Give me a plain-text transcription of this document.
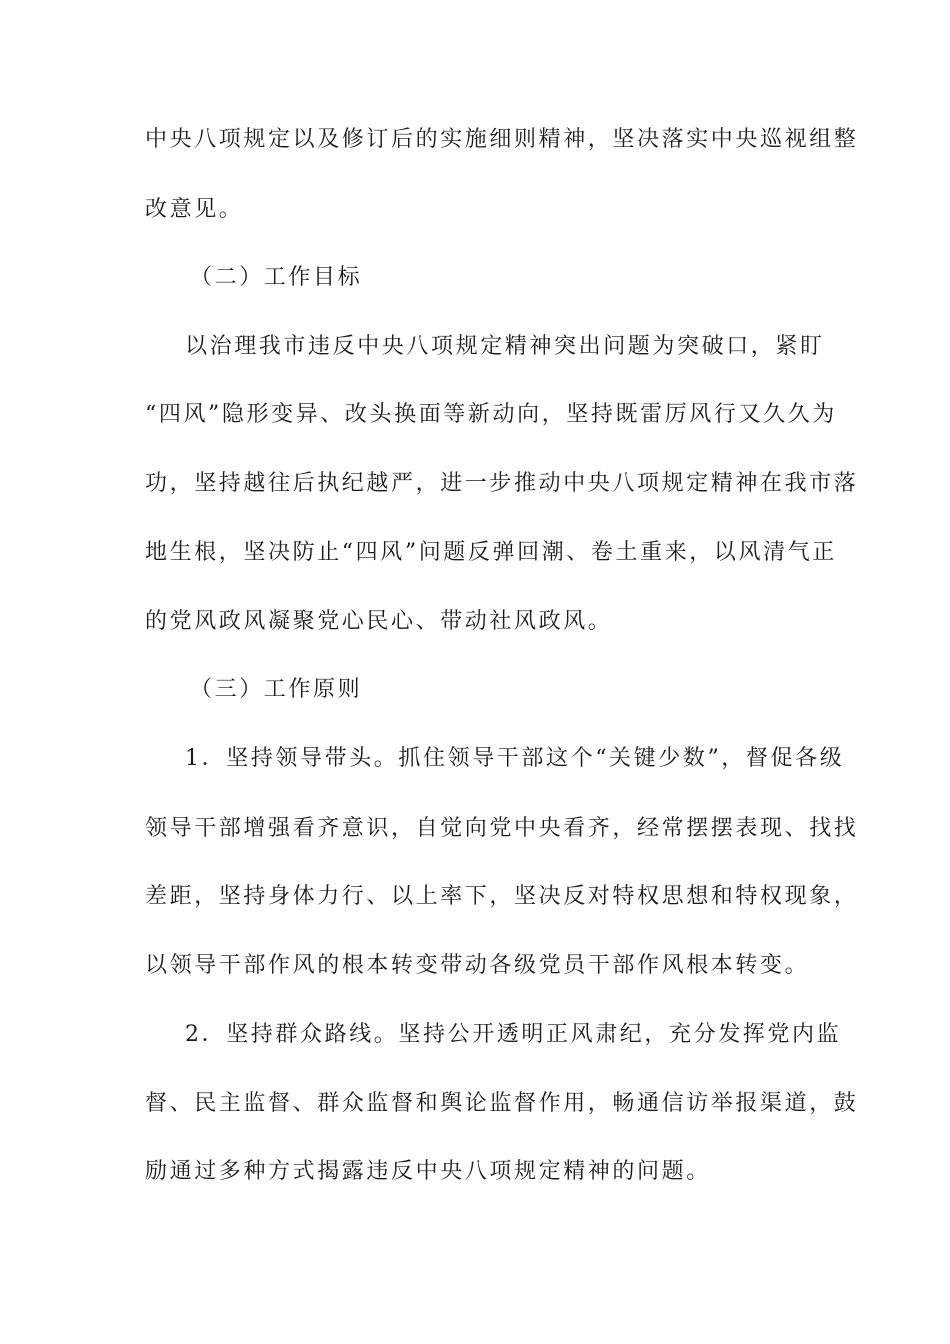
中央八项规定以及修订后的实施细则精神，坚决落实中央巡视组整
改意见。
（二）工作目标
以治理我市违反中央八项规定精神突出问题为突破口，紧盯
“四风”隐形变异、改头换面等新动向，坚持既雷厉风行又久久为
功，坚持越往后执纪越严，进一步推动中央八项规定精神在我市落
地生根，坚决防止“四风”问题反弹回潮、卷土重来，以风清气正
的党风政风凝聚党心民心、带动社风政风。
（三）工作原则
1．坚持领导带头。抓住领导干部这个“关键少数”，督促各级
领导干部增强看齐意识，自觉向党中央看齐，经常摆摆表现、找找
差距，坚持身体力行、以上率下，坚决反对特权思想和特权现象，
以领导干部作风的根本转变带动各级党员干部作风根本转变。
2．坚持群众路线。坚持公开透明正风肃纪，充分发挥党内监
督、民主监督、群众监督和舆论监督作用，畅通信访举报渠道，鼓
励通过多种方式揭露违反中央八项规定精神的问题。
